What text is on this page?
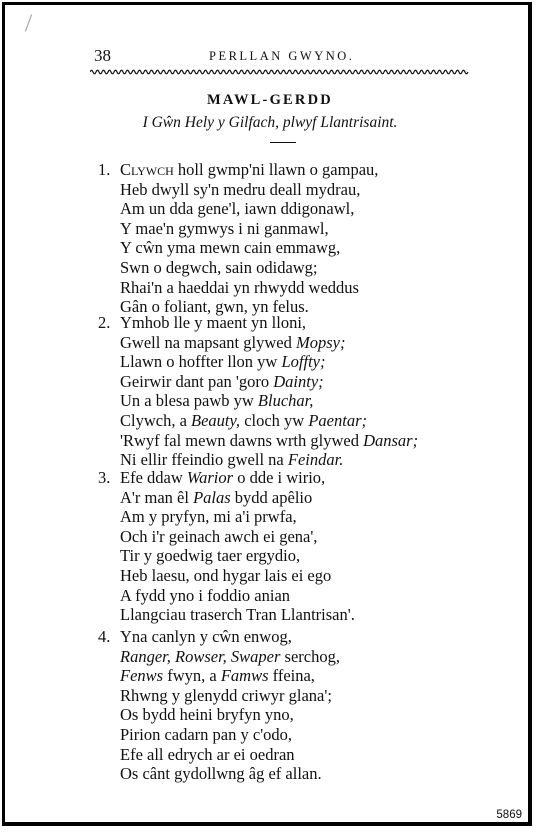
38	PERLLAN GWYNO.
MAWL-GERDD
I Gŵn Hely y Gilfach, plwyf Llantrisaint.
1. Clywch holl gwmp'ni llawn o gampau,
Heb dwyll sy'n medru deall mydrau,
Am un dda gene'l, iawn ddigonawl,
Y mae'n gymwys i ni ganmawl,
Y cŵn yma mewn cain emmawg,
Swn o degwch, sain odidawg;
Rhai'n a haeddai yn rhwydd weddus
Gân o foliant, gwn, yn felus.
2. Ymhob lle y maent yn lloni,
Gwell na mapsant glywed Mopsy;
Llawn o hoffter llon yw Loffty;
Geirwir dant pan 'goro Dainty;
Un a blesa pawb yw Bluchar,
Clywch, a Beauty, cloch yw Paentar;
'Rwyf fal mewn dawns wrth glywed Dansar;
Ni ellir ffeindio gwell na Feindar.
3. Efe ddaw Warior o dde i wirio,
A'r man êl Palas bydd apêlio
Am y pryfyn, mi a'i prwfa,
Och i'r geinach awch ei gena',
Tir y goedwig taer ergydio,
Heb laesu, ond hygar lais ei ego
A fydd yno i foddio anian
Llangciau traserch Tran Llantrisan'.
4. Yna canlyn y cŵn enwog,
Ranger, Rowser, Swaper serchog,
Fenws fwyn, a Famws ffeina,
Rhwng y glenydd criwyr glana';
Os bydd heini bryfyn yno,
Pirion cadarn pan y c'odo,
Efe all edrych ar ei oedran
Os cânt gydollwng âg ef allan.
5869
